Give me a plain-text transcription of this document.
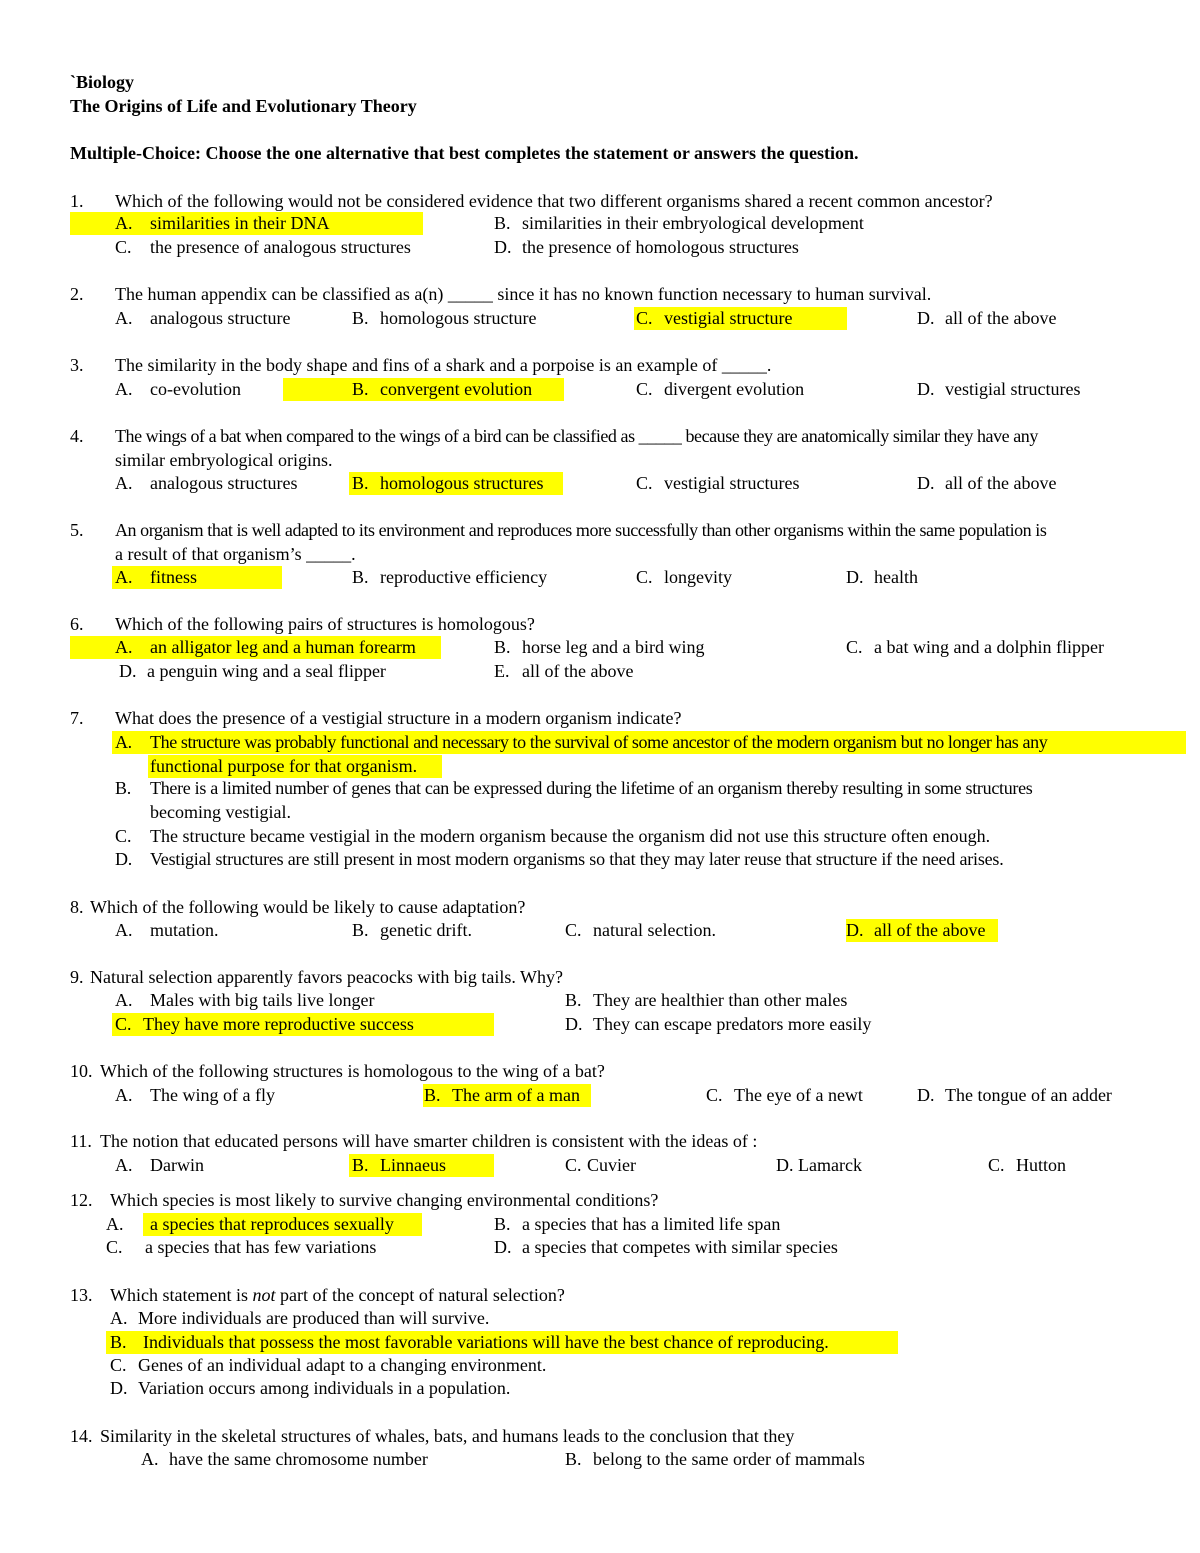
`Biology
The Origins of Life and Evolutionary Theory
Multiple-Choice: Choose the one alternative that best completes the statement or answers the question.
1. Which of the following would not be considered evidence that two different organisms shared a recent common ancestor?
A. similarities in their DNA	B. similarities in their embryological development
C. the presence of analogous structures	D. the presence of homologous structures
2. The human appendix can be classified as a(n) _____ since it has no known function necessary to human survival.
A. analogous structure	B. homologous structure	C. vestigial structure	D. all of the above
3. The similarity in the body shape and fins of a shark and a porpoise is an example of _____.
A. co-evolution	B. convergent evolution	C. divergent evolution	D. vestigial structures
4. The wings of a bat when compared to the wings of a bird can be classified as _____ because they are anatomically similar they have any
similar embryological origins.
A. analogous structures	B. homologous structures	C. vestigial structures	D. all of the above
5. An organism that is well adapted to its environment and reproduces more successfully than other organisms within the same population is
a result of that organism’s _____.
A. fitness	B. reproductive efficiency	C. longevity	D. health
6. Which of the following pairs of structures is homologous?
A. an alligator leg and a human forearm	B. horse leg and a bird wing	C. a bat wing and a dolphin flipper
D. a penguin wing and a seal flipper	E. all of the above
7. What does the presence of a vestigial structure in a modern organism indicate?
A. The structure was probably functional and necessary to the survival of some ancestor of the modern organism but no longer has any
functional purpose for that organism.
B. There is a limited number of genes that can be expressed during the lifetime of an organism thereby resulting in some structures
becoming vestigial.
C. The structure became vestigial in the modern organism because the organism did not use this structure often enough.
D. Vestigial structures are still present in most modern organisms so that they may later reuse that structure if the need arises.
8. Which of the following would be likely to cause adaptation?
A. mutation.	B. genetic drift.	C. natural selection.	D. all of the above
9. Natural selection apparently favors peacocks with big tails. Why?
A. Males with big tails live longer	B. They are healthier than other males
C. They have more reproductive success	D. They can escape predators more easily
10. Which of the following structures is homologous to the wing of a bat?
A. The wing of a fly	B. The arm of a man	C. The eye of a newt	D. The tongue of an adder
11. The notion that educated persons will have smarter children is consistent with the ideas of :
A. Darwin	B. Linnaeus	C. Cuvier	D. Lamarck	C. Hutton
12. Which species is most likely to survive changing environmental conditions?
A. a species that reproduces sexually	B. a species that has a limited life span
C. a species that has few variations	D. a species that competes with similar species
13. Which statement is not part of the concept of natural selection?
A. More individuals are produced than will survive.
B. Individuals that possess the most favorable variations will have the best chance of reproducing.
C. Genes of an individual adapt to a changing environment.
D. Variation occurs among individuals in a population.
14. Similarity in the skeletal structures of whales, bats, and humans leads to the conclusion that they
A. have the same chromosome number	B. belong to the same order of mammals
